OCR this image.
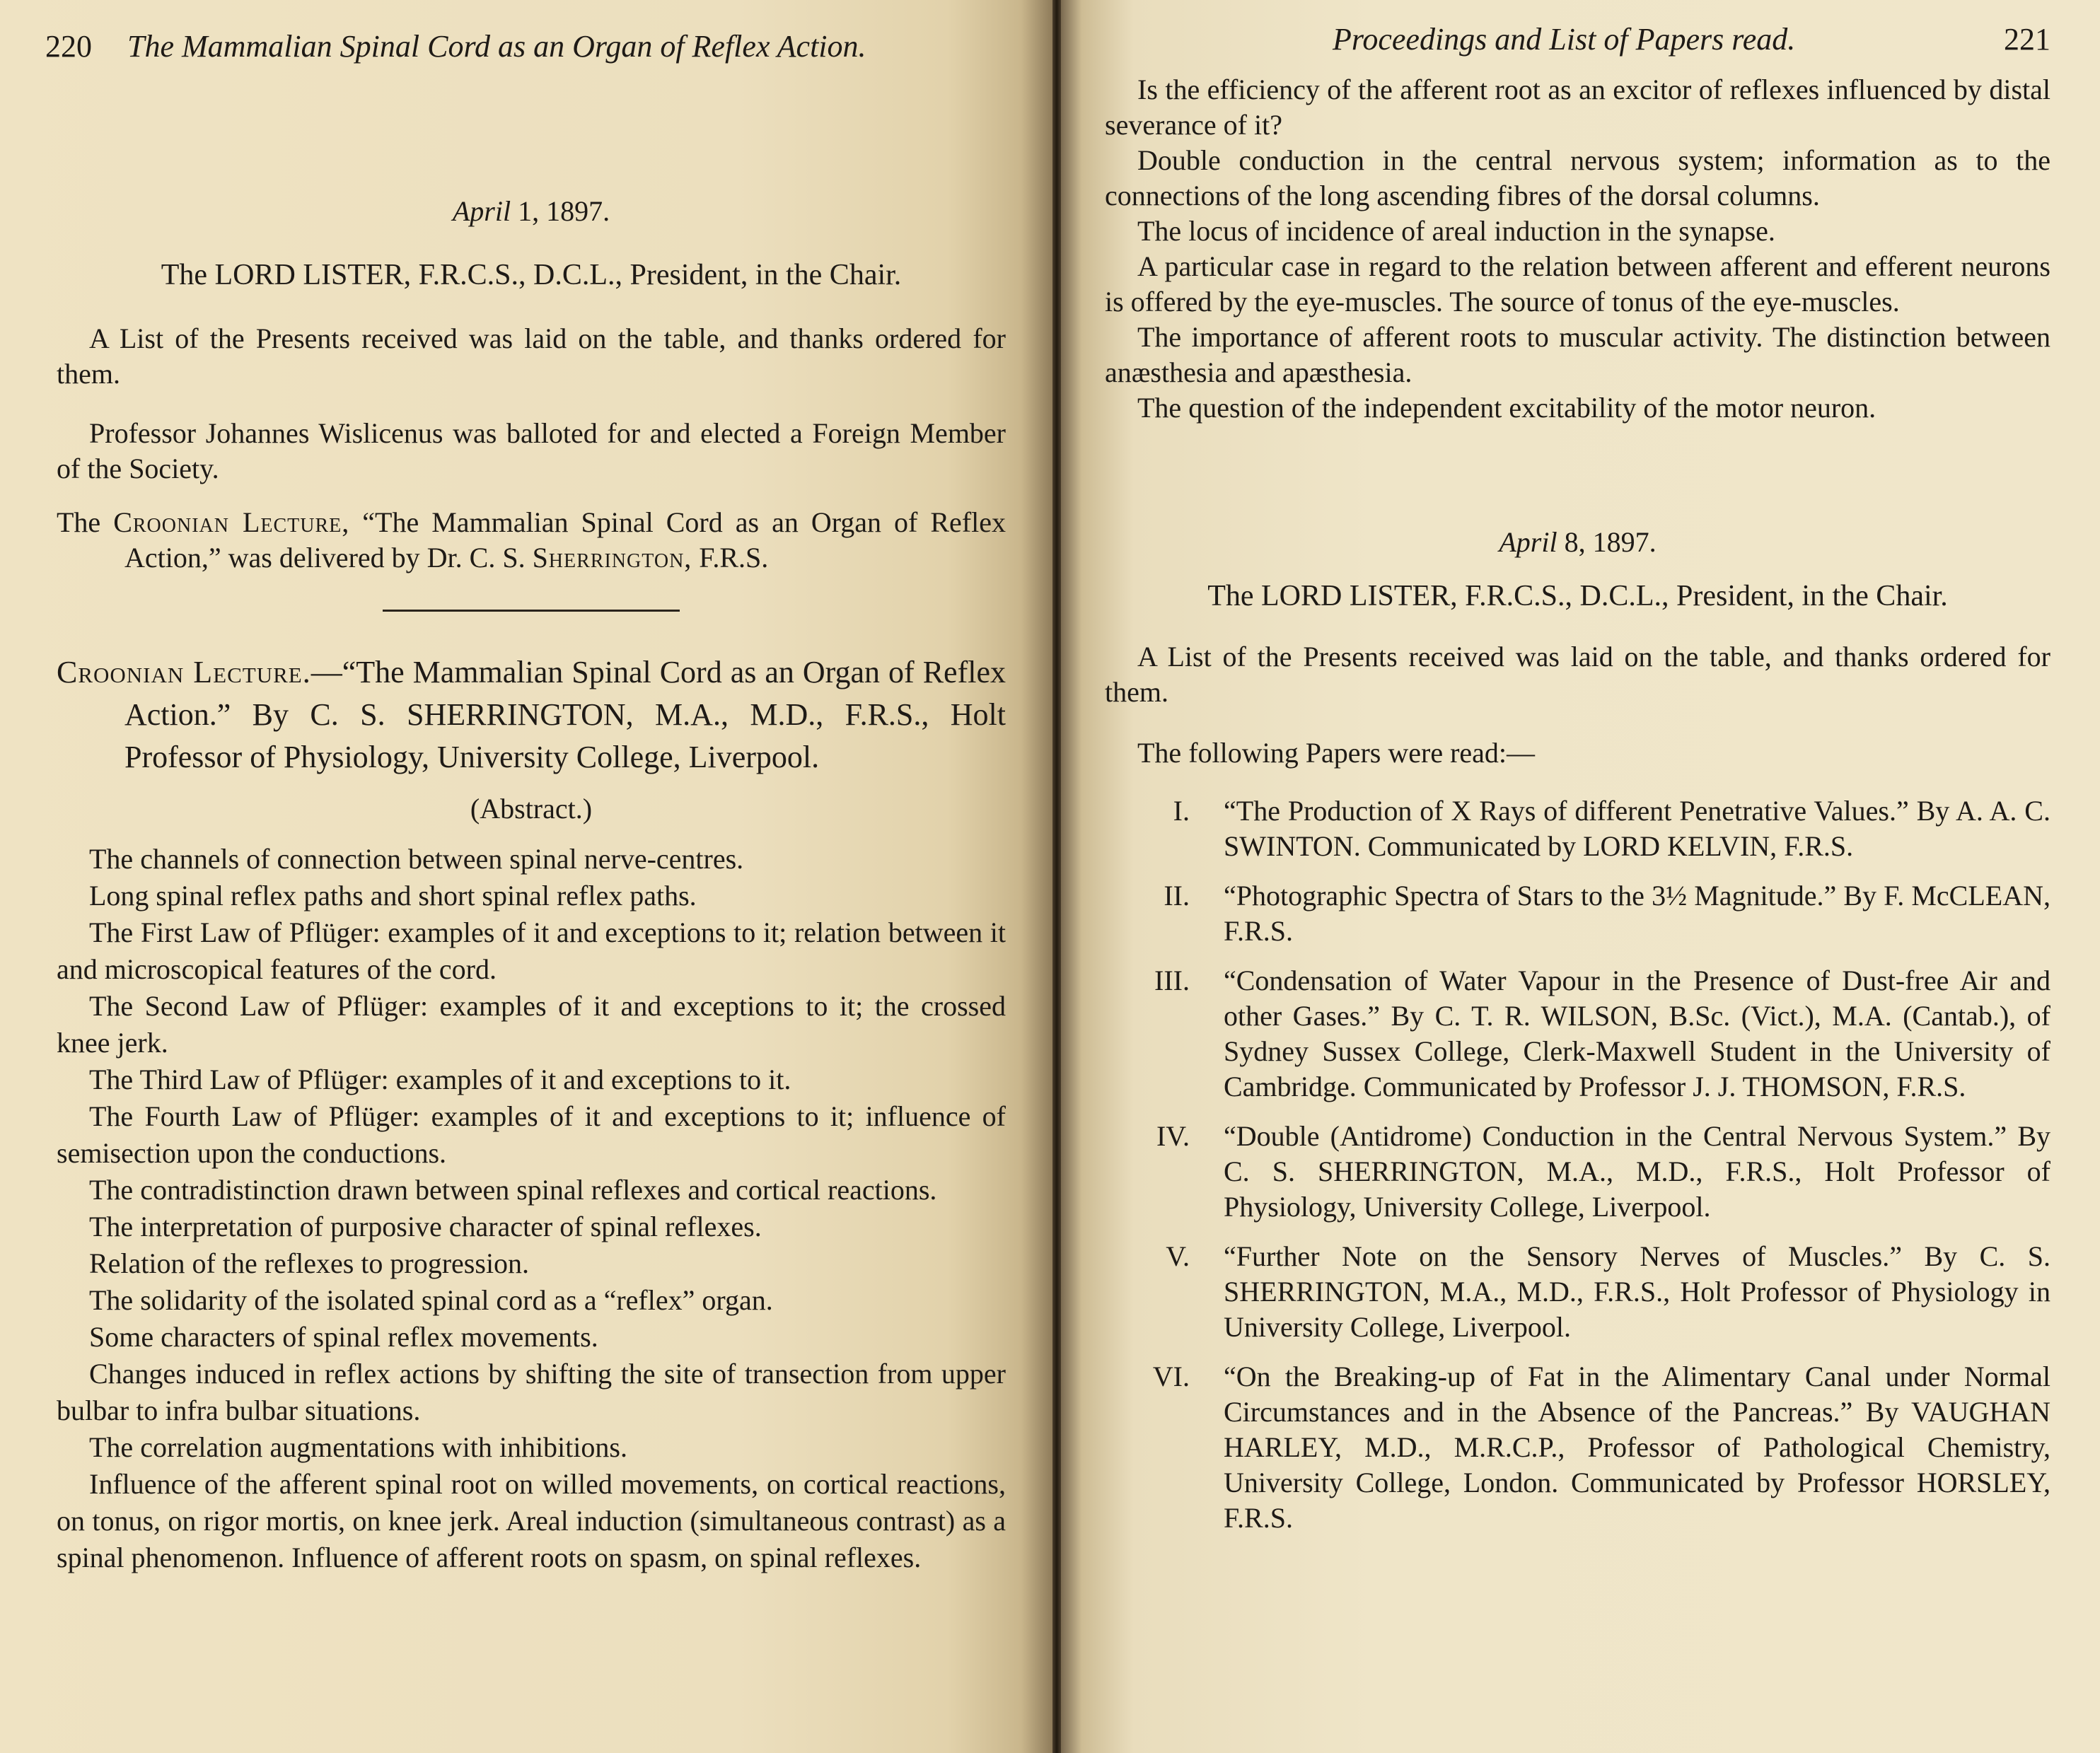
220 The Mammalian Spinal Cord as an Organ of Reflex Action.

April 1, 1897.

The LORD LISTER, F.R.C.S., D.C.L., President, in the Chair.

A List of the Presents received was laid on the table, and thanks ordered for them.

Professor Johannes Wislicenus was balloted for and elected a Foreign Member of the Society.

The Croonian Lecture, “The Mammalian Spinal Cord as an Organ of Reflex Action,” was delivered by Dr. C. S. Sherrington, F.R.S.

Croonian Lecture.—“The Mammalian Spinal Cord as an Organ of Reflex Action.” By C. S. SHERRINGTON, M.A., M.D., F.R.S., Holt Professor of Physiology, University College, Liverpool.

(Abstract.)

The channels of connection between spinal nerve-centres.

Long spinal reflex paths and short spinal reflex paths.

The First Law of Pflüger: examples of it and exceptions to it; relation between it and microscopical features of the cord.

The Second Law of Pflüger: examples of it and exceptions to it; the crossed knee jerk.

The Third Law of Pflüger: examples of it and exceptions to it.

The Fourth Law of Pflüger: examples of it and exceptions to it; influence of semisection upon the conductions.

The contradistinction drawn between spinal reflexes and cortical reactions.

The interpretation of purposive character of spinal reflexes.

Relation of the reflexes to progression.

The solidarity of the isolated spinal cord as a “reflex” organ.

Some characters of spinal reflex movements.

Changes induced in reflex actions by shifting the site of transection from upper bulbar to infra bulbar situations.

The correlation augmentations with inhibitions.

Influence of the afferent spinal root on willed movements, on cortical reactions, on tonus, on rigor mortis, on knee jerk. Areal induction (simultaneous contrast) as a spinal phenomenon. Influence of afferent roots on spasm, on spinal reflexes.

Proceedings and List of Papers read.	221

Is the efficiency of the afferent root as an excitor of reflexes influenced by distal severance of it?

Double conduction in the central nervous system; information as to the connections of the long ascending fibres of the dorsal columns.

The locus of incidence of areal induction in the synapse.

A particular case in regard to the relation between afferent and efferent neurons is offered by the eye-muscles. The source of tonus of the eye-muscles.

The importance of afferent roots to muscular activity. The distinction between anæsthesia and apæsthesia.

The question of the independent excitability of the motor neuron.

April 8, 1897.

The LORD LISTER, F.R.C.S., D.C.L., President, in the Chair.

A List of the Presents received was laid on the table, and thanks ordered for them.

The following Papers were read:—

I. “The Production of X Rays of different Penetrative Values.” By A. A. C. SWINTON. Communicated by LORD KELVIN, F.R.S.
II. “Photographic Spectra of Stars to the 3½ Magnitude.” By F. McCLEAN, F.R.S.
III. “Condensation of Water Vapour in the Presence of Dust-free Air and other Gases.” By C. T. R. WILSON, B.Sc. (Vict.), M.A. (Cantab.), of Sydney Sussex College, Clerk-Maxwell Student in the University of Cambridge. Communicated by Professor J. J. THOMSON, F.R.S.
IV. “Double (Antidrome) Conduction in the Central Nervous System.” By C. S. SHERRINGTON, M.A., M.D., F.R.S., Holt Professor of Physiology, University College, Liverpool.
V. “Further Note on the Sensory Nerves of Muscles.” By C. S. SHERRINGTON, M.A., M.D., F.R.S., Holt Professor of Physiology in University College, Liverpool.
VI. “On the Breaking-up of Fat in the Alimentary Canal under Normal Circumstances and in the Absence of the Pancreas.” By VAUGHAN HARLEY, M.D., M.R.C.P., Professor of Pathological Chemistry, University College, London. Communicated by Professor HORSLEY, F.R.S.
